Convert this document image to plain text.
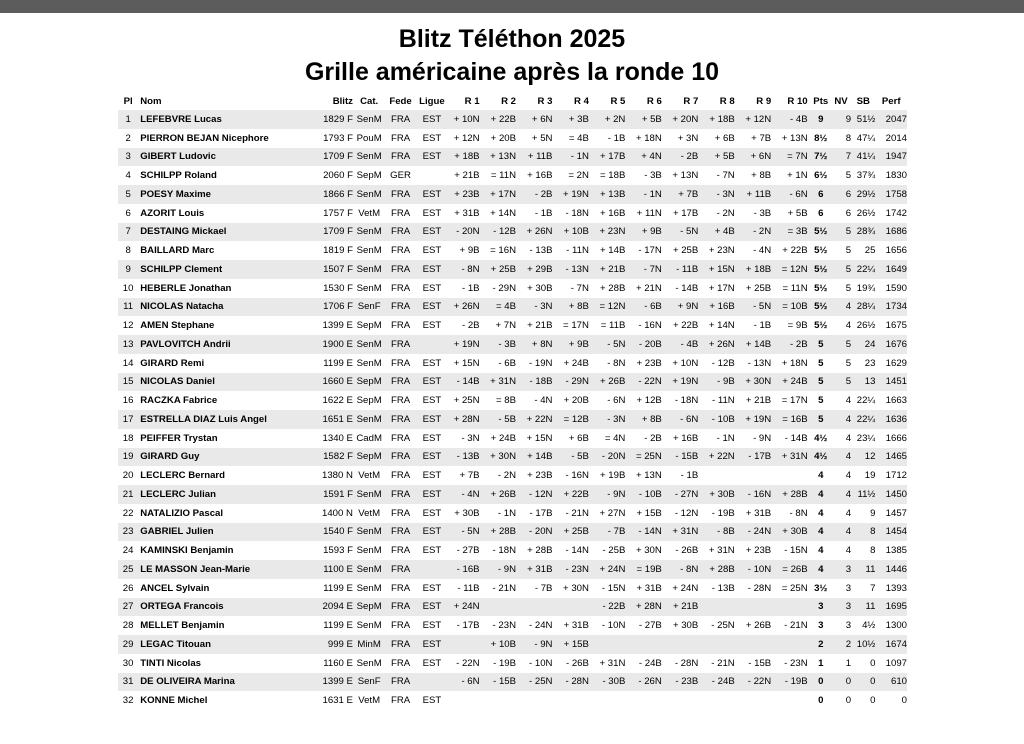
Blitz Téléthon 2025
Grille américaine après la ronde 10
Pl	Nom	Blitz	Cat.	Fede	Ligue	R 1	R 2	R 3	R 4	R 5	R 6	R 7	R 8	R 9	R 10	Pts	NV	SB	Perf
1	LEFEBVRE Lucas	1829 F	SenM	FRA	EST	+ 10N	+ 22B	+ 6N	+ 3B	+ 2N	+ 5B	+ 20N	+ 18B	+ 12N	- 4B	9	9	51½	2047
2	PIERRON BEJAN Nicephore	1793 F	PouM	FRA	EST	+ 12N	+ 20B	+ 5N	= 4B	- 1B	+ 18N	+ 3N	+ 6B	+ 7B	+ 13N	8½	8	47¼	2014
3	GIBERT Ludovic	1709 F	SenM	FRA	EST	+ 18B	+ 13N	+ 11B	- 1N	+ 17B	+ 4N	- 2B	+ 5B	+ 6N	= 7N	7½	7	41¼	1947
4	SCHILPP Roland	2060 F	SepM	GER		+ 21B	= 11N	+ 16B	= 2N	= 18B	- 3B	+ 13N	- 7N	+ 8B	+ 1N	6½	5	37¾	1830
5	POESY Maxime	1866 F	SenM	FRA	EST	+ 23B	+ 17N	- 2B	+ 19N	+ 13B	- 1N	+ 7B	- 3N	+ 11B	- 6N	6	6	29½	1758
6	AZORIT Louis	1757 F	VetM	FRA	EST	+ 31B	+ 14N	- 1B	- 18N	+ 16B	+ 11N	+ 17B	- 2N	- 3B	+ 5B	6	6	26½	1742
7	DESTAING Mickael	1709 F	SenM	FRA	EST	- 20N	- 12B	+ 26N	+ 10B	+ 23N	+ 9B	- 5N	+ 4B	- 2N	= 3B	5½	5	28¾	1686
8	BAILLARD Marc	1819 F	SenM	FRA	EST	+ 9B	= 16N	- 13B	- 11N	+ 14B	- 17N	+ 25B	+ 23N	- 4N	+ 22B	5½	5	25	1656
9	SCHILPP Clement	1507 F	SenM	FRA	EST	- 8N	+ 25B	+ 29B	- 13N	+ 21B	- 7N	- 11B	+ 15N	+ 18B	= 12N	5½	5	22¼	1649
10	HEBERLE Jonathan	1530 F	SenM	FRA	EST	- 1B	- 29N	+ 30B	- 7N	+ 28B	+ 21N	- 14B	+ 17N	+ 25B	= 11N	5½	5	19¾	1590
11	NICOLAS Natacha	1706 F	SenF	FRA	EST	+ 26N	= 4B	- 3N	+ 8B	= 12N	- 6B	+ 9N	+ 16B	- 5N	= 10B	5½	4	28¼	1734
12	AMEN Stephane	1399 E	SepM	FRA	EST	- 2B	+ 7N	+ 21B	= 17N	= 11B	- 16N	+ 22B	+ 14N	- 1B	= 9B	5½	4	26½	1675
13	PAVLOVITCH Andrii	1900 E	SenM	FRA		+ 19N	- 3B	+ 8N	+ 9B	- 5N	- 20B	- 4B	+ 26N	+ 14B	- 2B	5	5	24	1676
14	GIRARD Remi	1199 E	SenM	FRA	EST	+ 15N	- 6B	- 19N	+ 24B	- 8N	+ 23B	+ 10N	- 12B	- 13N	+ 18N	5	5	23	1629
15	NICOLAS Daniel	1660 E	SepM	FRA	EST	- 14B	+ 31N	- 18B	- 29N	+ 26B	- 22N	+ 19N	- 9B	+ 30N	+ 24B	5	5	13	1451
16	RACZKA Fabrice	1622 E	SepM	FRA	EST	+ 25N	= 8B	- 4N	+ 20B	- 6N	+ 12B	- 18N	- 11N	+ 21B	= 17N	5	4	22¼	1663
17	ESTRELLA DIAZ Luis Angel	1651 E	SenM	FRA	EST	+ 28N	- 5B	+ 22N	= 12B	- 3N	+ 8B	- 6N	- 10B	+ 19N	= 16B	5	4	22¼	1636
18	PEIFFER Trystan	1340 E	CadM	FRA	EST	- 3N	+ 24B	+ 15N	+ 6B	= 4N	- 2B	+ 16B	- 1N	- 9N	- 14B	4½	4	23¼	1666
19	GIRARD Guy	1582 F	SepM	FRA	EST	- 13B	+ 30N	+ 14B	- 5B	- 20N	= 25N	- 15B	+ 22N	- 17B	+ 31N	4½	4	12	1465
20	LECLERC Bernard	1380 N	VetM	FRA	EST	+ 7B	- 2N	+ 23B	- 16N	+ 19B	+ 13N	- 1B				4	4	19	1712
21	LECLERC Julian	1591 F	SenM	FRA	EST	- 4N	+ 26B	- 12N	+ 22B	- 9N	- 10B	- 27N	+ 30B	- 16N	+ 28B	4	4	11½	1450
22	NATALIZIO Pascal	1400 N	VetM	FRA	EST	+ 30B	- 1N	- 17B	- 21N	+ 27N	+ 15B	- 12N	- 19B	+ 31B	- 8N	4	4	9	1457
23	GABRIEL Julien	1540 F	SenM	FRA	EST	- 5N	+ 28B	- 20N	+ 25B	- 7B	- 14N	+ 31N	- 8B	- 24N	+ 30B	4	4	8	1454
24	KAMINSKI Benjamin	1593 F	SenM	FRA	EST	- 27B	- 18N	+ 28B	- 14N	- 25B	+ 30N	- 26B	+ 31N	+ 23B	- 15N	4	4	8	1385
25	LE MASSON Jean-Marie	1100 E	SenM	FRA		- 16B	- 9N	+ 31B	- 23N	+ 24N	= 19B	- 8N	+ 28B	- 10N	= 26B	4	3	11	1446
26	ANCEL Sylvain	1199 E	SenM	FRA	EST	- 11B	- 21N	- 7B	+ 30N	- 15N	+ 31B	+ 24N	- 13B	- 28N	= 25N	3½	3	7	1393
27	ORTEGA Francois	2094 E	SepM	FRA	EST	+ 24N				- 22B	+ 28N	+ 21B				3	3	11	1695
28	MELLET Benjamin	1199 E	SenM	FRA	EST	- 17B	- 23N	- 24N	+ 31B	- 10N	- 27B	+ 30B	- 25N	+ 26B	- 21N	3	3	4½	1300
29	LEGAC Titouan	999 E	MinM	FRA	EST		+ 10B	- 9N	+ 15B							2	2	10½	1674
30	TINTI Nicolas	1160 E	SenM	FRA	EST	- 22N	- 19B	- 10N	- 26B	+ 31N	- 24B	- 28N	- 21N	- 15B	- 23N	1	1	0	1097
31	DE OLIVEIRA Marina	1399 E	SenF	FRA		- 6N	- 15B	- 25N	- 28N	- 30B	- 26N	- 23B	- 24B	- 22N	- 19B	0	0	0	610
32	KONNE Michel	1631 E	VetM	FRA	EST											0	0	0	0
